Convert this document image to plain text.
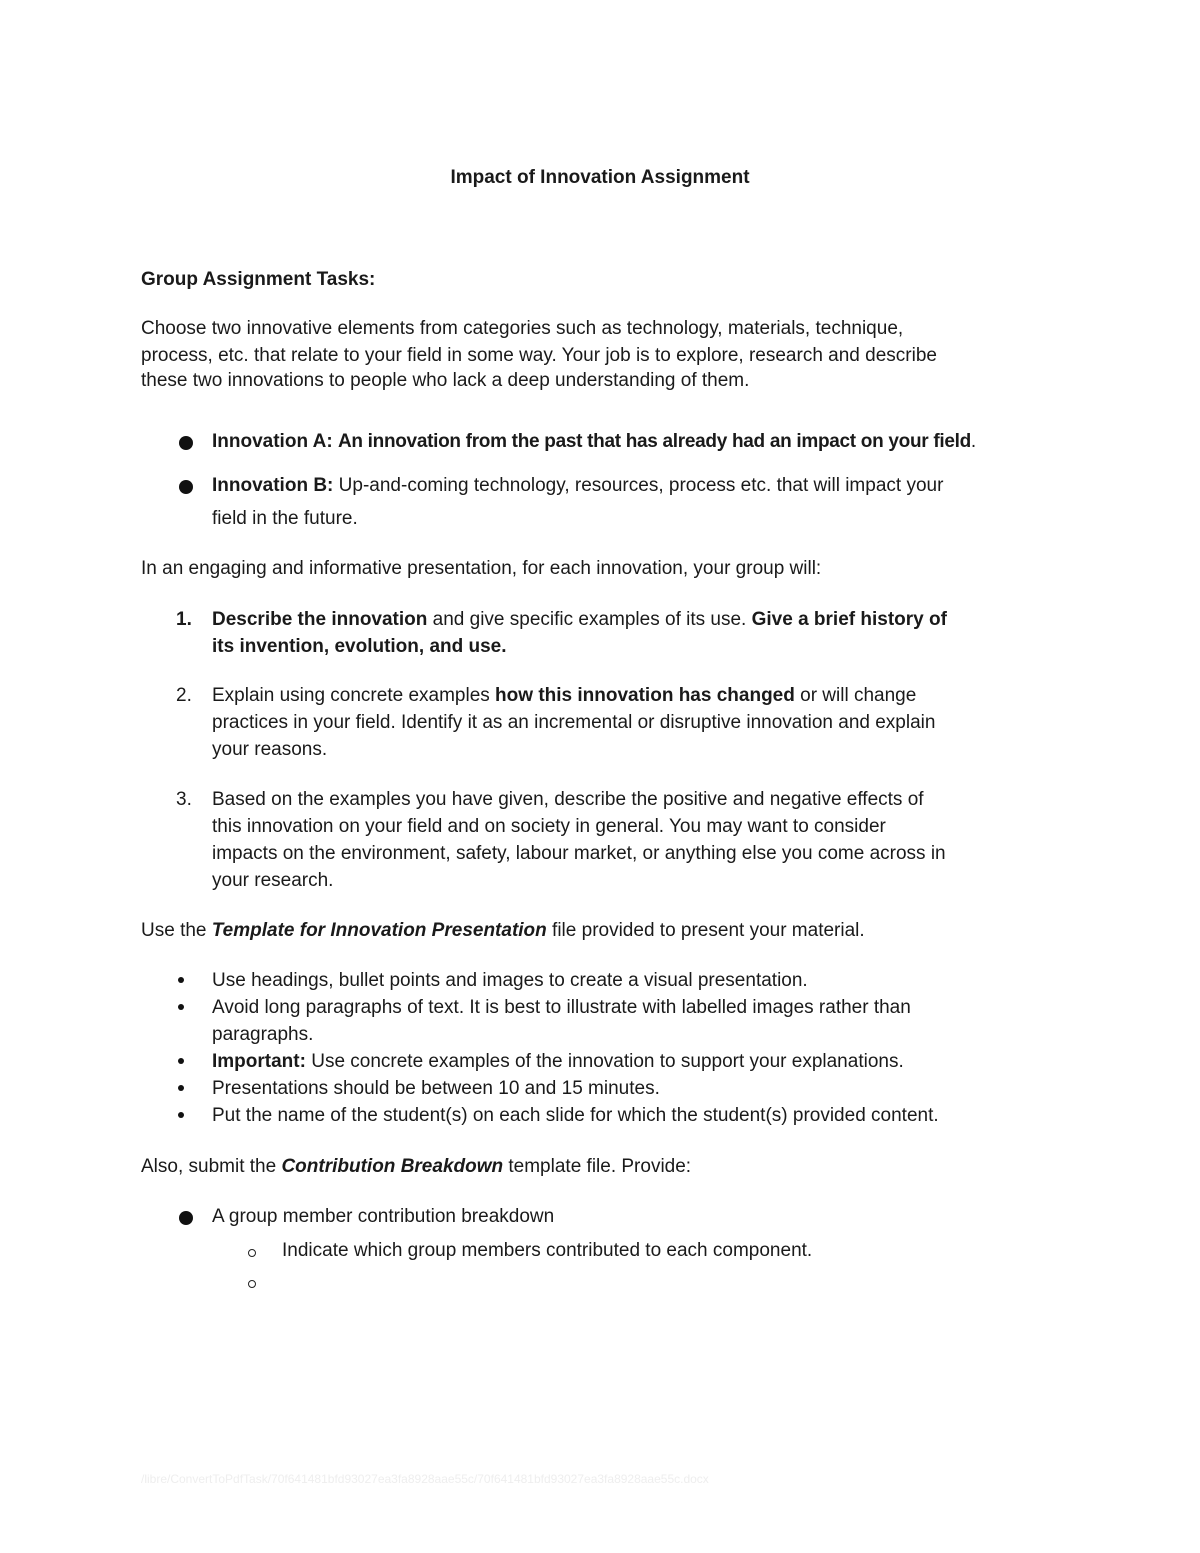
Impact of Innovation Assignment
Group Assignment Tasks:
Choose two innovative elements from categories such as technology, materials, technique,
process, etc. that relate to your field in some way. Your job is to explore, research and describe
these two innovations to people who lack a deep understanding of them.
Innovation A: An innovation from the past that has already had an impact on your field.
Innovation B: Up-and-coming technology, resources, process etc. that will impact your
field in the future.
In an engaging and informative presentation, for each innovation, your group will:
1. Describe the innovation and give specific examples of its use. Give a brief history of
its invention, evolution, and use.
2. Explain using concrete examples how this innovation has changed or will change
practices in your field. Identify it as an incremental or disruptive innovation and explain
your reasons.
3. Based on the examples you have given, describe the positive and negative effects of
this innovation on your field and on society in general. You may want to consider
impacts on the environment, safety, labour market, or anything else you come across in
your research.
Use the Template for Innovation Presentation file provided to present your material.
Use headings, bullet points and images to create a visual presentation.
Avoid long paragraphs of text. It is best to illustrate with labelled images rather than
paragraphs.
Important: Use concrete examples of the innovation to support your explanations.
Presentations should be between 10 and 15 minutes.
Put the name of the student(s) on each slide for which the student(s) provided content.
Also, submit the Contribution Breakdown template file. Provide:
A group member contribution breakdown
Indicate which group members contributed to each component.
/libre/ConvertToPdfTask/70f641481bfd93027ea3fa8928aae55c/70f641481bfd93027ea3fa8928aae55c.docx
